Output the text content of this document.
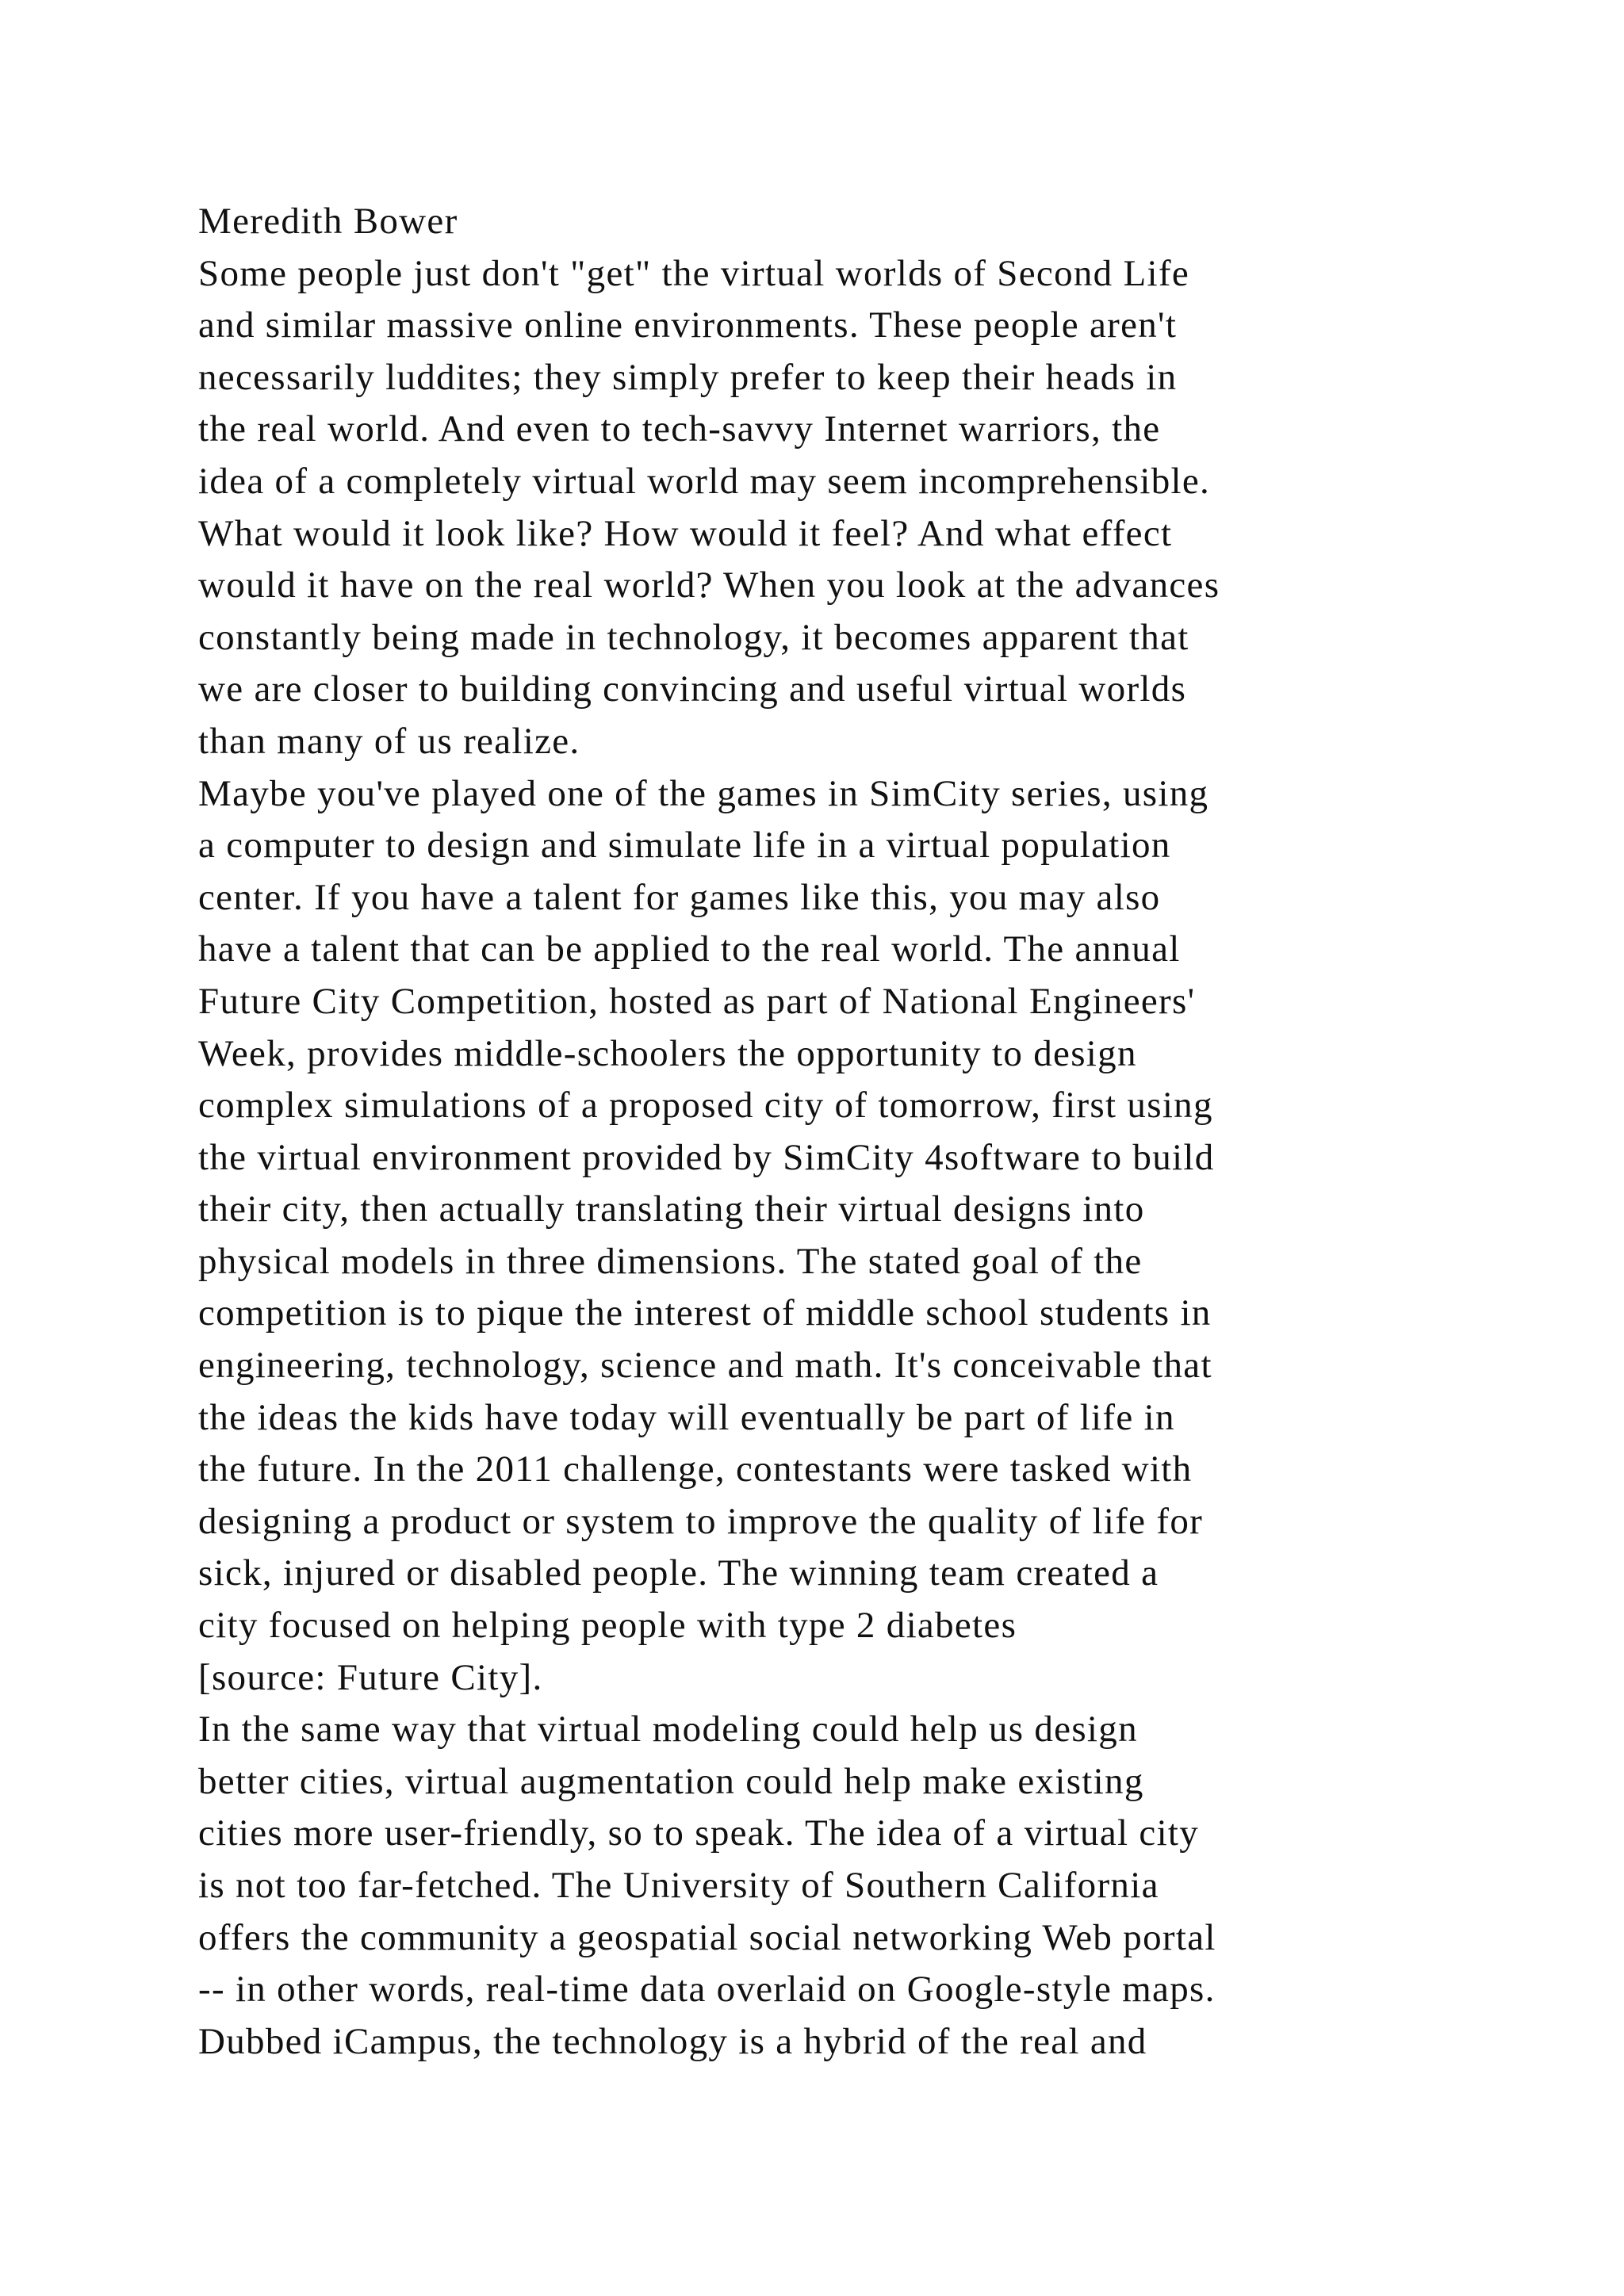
Meredith Bower
Some people just don't "get" the virtual worlds of Second Life
and similar massive online environments. These people aren't
necessarily luddites; they simply prefer to keep their heads in
the real world. And even to tech-savvy Internet warriors, the
idea of a completely virtual world may seem incomprehensible.
What would it look like? How would it feel? And what effect
would it have on the real world? When you look at the advances
constantly being made in technology, it becomes apparent that
we are closer to building convincing and useful virtual worlds
than many of us realize.
Maybe you've played one of the games in SimCity series, using
a computer to design and simulate life in a virtual population
center. If you have a talent for games like this, you may also
have a talent that can be applied to the real world. The annual
Future City Competition, hosted as part of National Engineers'
Week, provides middle-schoolers the opportunity to design
complex simulations of a proposed city of tomorrow, first using
the virtual environment provided by SimCity 4software to build
their city, then actually translating their virtual designs into
physical models in three dimensions. The stated goal of the
competition is to pique the interest of middle school students in
engineering, technology, science and math. It's conceivable that
the ideas the kids have today will eventually be part of life in
the future. In the 2011 challenge, contestants were tasked with
designing a product or system to improve the quality of life for
sick, injured or disabled people. The winning team created a
city focused on helping people with type 2 diabetes
[source: Future City].
In the same way that virtual modeling could help us design
better cities, virtual augmentation could help make existing
cities more user-friendly, so to speak. The idea of a virtual city
is not too far-fetched. The University of Southern California
offers the community a geospatial social networking Web portal
-- in other words, real-time data overlaid on Google-style maps.
Dubbed iCampus, the technology is a hybrid of the real and
